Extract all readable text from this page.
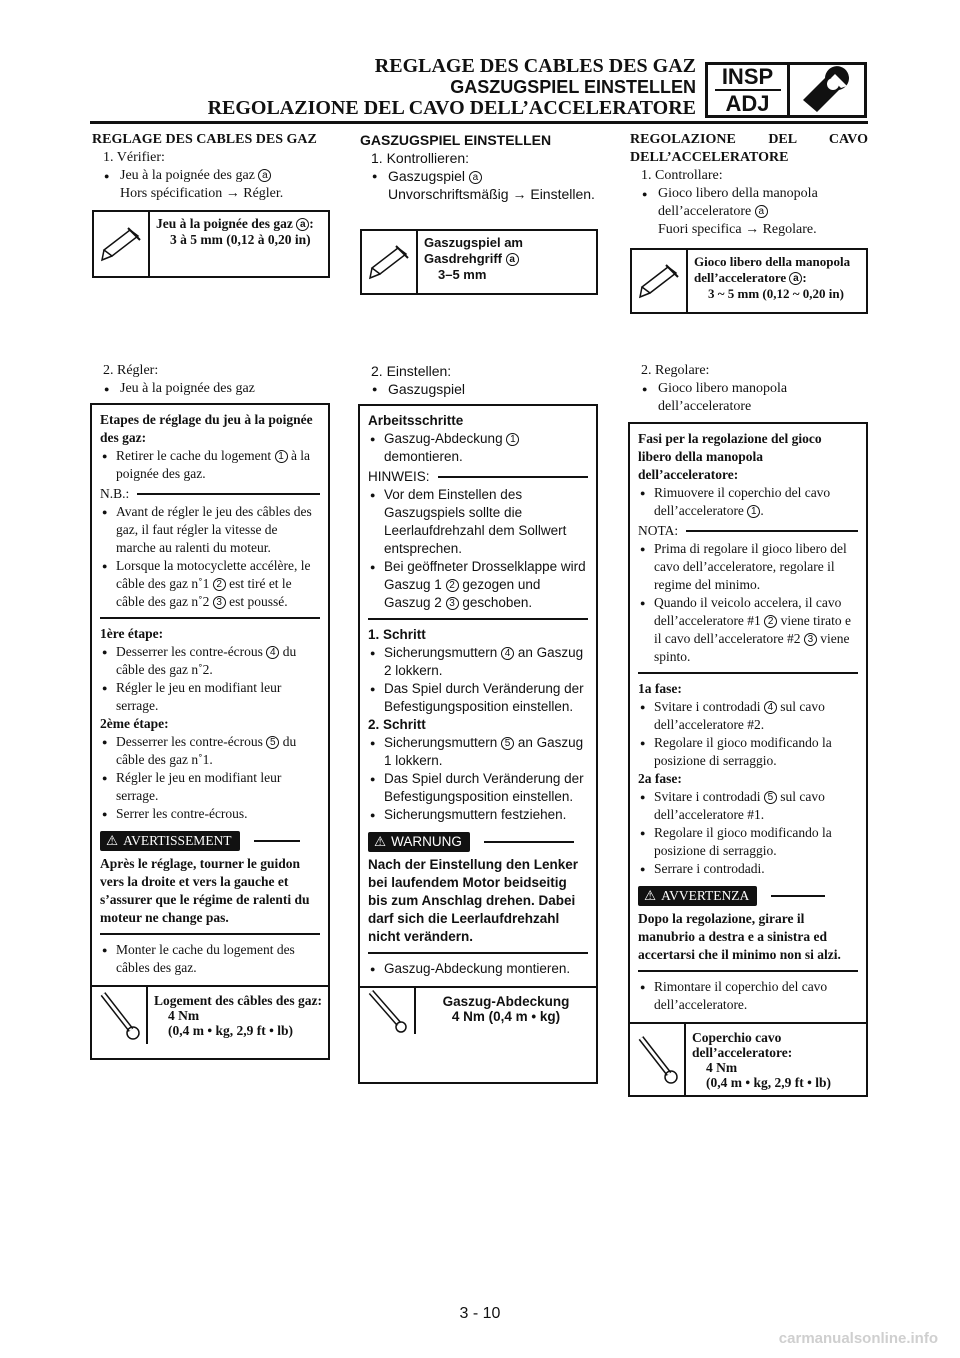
REGLAGE DES CABLES DES GAZ
GASZUGSPIEL EINSTELLEN
REGOLAZIONE DEL CAVO DELL’ACCELERATORE
INSP
ADJ
REGLAGE DES CABLES DES GAZ
1. Vérifier:
● Jeu à la poignée des gaz a
Hors spécification → Régler.
Jeu à la poignée des gaz a :
3 à 5 mm (0,12 à 0,20 in)
2. Régler:
● Jeu à la poignée des gaz

Etapes de réglage du jeu à la poignée des gaz:

● Retirer le cache du logement 1 à la poignée des gaz.

N.B.:

● Avant de régler le jeu des câbles des gaz, il faut régler la vitesse de marche au ralenti du moteur.

● Lorsque la motocyclette accélère, le câble des gaz n˚1 2 est tiré et le câble des gaz n˚2 3 est poussé.

1ère étape:

● Desserrer les contre-écrous 4 du câble des gaz n˚2.

● Régler le jeu en modifiant leur serrage.

2ème étape:

● Desserrer les contre-écrous 5 du câble des gaz n˚1.

● Régler le jeu en modifiant leur serrage.

● Serrer les contre-écrous.

⚠ AVERTISSEMENT

Après le réglage, tourner le guidon vers la droite et vers la gauche et s’assurer que le régime de ralenti du moteur ne change pas.

● Monter le cache du logement des câbles des gaz.

Logement des câbles des gaz:
4 Nm
(0,4 m • kg, 2,9 ft • lb)
GASZUGSPIEL EINSTELLEN
1. Kontrollieren:
● Gaszugspiel a
Unvorschriftsmäßig → Einstellen.
Gaszugspiel am Gasdrehgriff a
3–5 mm
2. Einstellen:
● Gaszugspiel

Arbeitsschritte

● Gaszug-Abdeckung 1 demontieren.

HINWEIS:

● Vor dem Einstellen des Gaszugspiels sollte die Leerlaufdrehzahl dem Sollwert entsprechen.

● Bei geöffneter Drosselklappe wird Gaszug 1 2 gezogen und Gaszug 2 3 geschoben.

1. Schritt

● Sicherungsmuttern 4 an Gaszug 2 lokkern.

● Das Spiel durch Veränderung der Befestigungsposition einstellen.

2. Schritt

● Sicherungsmuttern 5 an Gaszug 1 lokkern.

● Das Spiel durch Veränderung der Befestigungsposition einstellen.

● Sicherungsmuttern festziehen.

⚠ WARNUNG

Nach der Einstellung den Lenker bei laufendem Motor beidseitig bis zum Anschlag drehen. Dabei darf sich die Leerlaufdrehzahl nicht verändern.

● Gaszug-Abdeckung montieren.

Gaszug-Abdeckung
4 Nm (0,4 m • kg)
REGOLAZIONE DEL CAVO DELL’ACCELERATORE
1. Controllare:
● Gioco libero della manopola dell’acceleratore a
Fuori specifica → Regolare.
Gioco libero della manopola dell’acceleratore a :
3 ~ 5 mm (0,12 ~ 0,20 in)
2. Regolare:
● Gioco libero manopola dell’acceleratore

Fasi per la regolazione del gioco libero della manopola dell’acceleratore:

● Rimuovere il coperchio del cavo dell’acceleratore 1 .

NOTA:

● Prima di regolare il gioco libero del cavo dell’acceleratore, regolare il regime del minimo.

● Quando il veicolo accelera, il cavo dell’acceleratore #1 2 viene tirato e il cavo dell’acceleratore #2 3 viene spinto.

1a fase:

● Svitare i controdadi 4 sul cavo dell’acceleratore #2.

● Regolare il gioco modificando la posizione di serraggio.

2a fase:

● Svitare i controdadi 5 sul cavo dell’acceleratore #1.

● Regolare il gioco modificando la posizione di serraggio.

● Serrare i controdadi.

⚠ AVVERTENZA

Dopo la regolazione, girare il manubrio a destra e a sinistra ed accertarsi che il minimo non si alzi.

● Rimontare il coperchio del cavo dell’acceleratore.

Coperchio cavo dell’acceleratore:
4 Nm
(0,4 m • kg, 2,9 ft • lb)
3 - 10
carmanualsonline.info
